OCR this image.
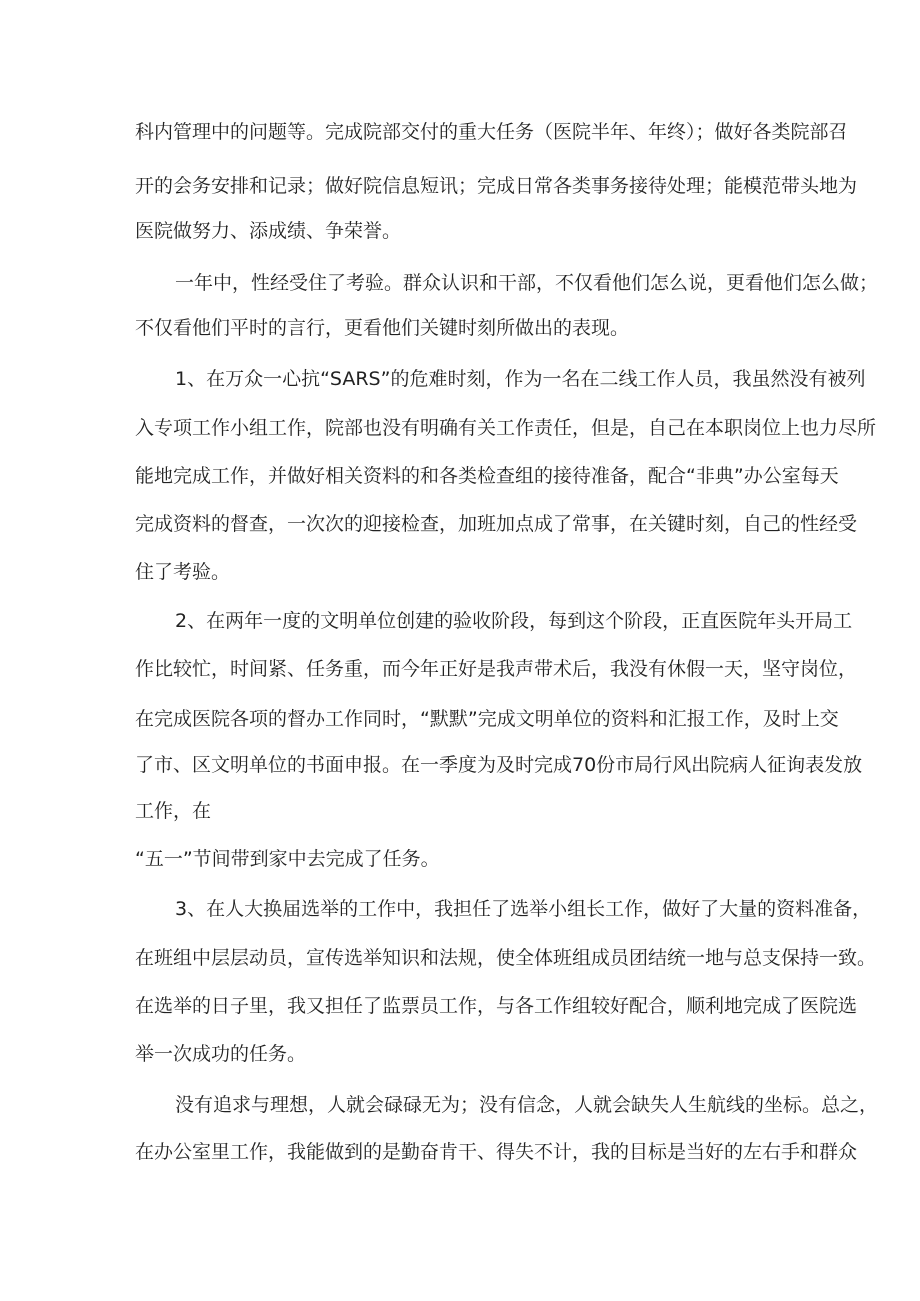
科内管理中的问题等。完成院部交付的重大任务（医院半年、年终）；做好各类院部召

开的会务安排和记录；做好院信息短讯；完成日常各类事务接待处理；能模范带头地为

医院做努力、添成绩、争荣誉。

一年中，性经受住了考验。群众认识和干部，不仅看他们怎么说，更看他们怎么做；

不仅看他们平时的言行，更看他们关键时刻所做出的表现。

1、在万众一心抗“SARS”的危难时刻，作为一名在二线工作人员，我虽然没有被列

入专项工作小组工作，院部也没有明确有关工作责任，但是，自己在本职岗位上也力尽所

能地完成工作，并做好相关资料的和各类检查组的接待准备，配合“非典”办公室每天

完成资料的督查，一次次的迎接检查，加班加点成了常事，在关键时刻，自己的性经受

住了考验。

2、在两年一度的文明单位创建的验收阶段，每到这个阶段，正直医院年头开局工

作比较忙，时间紧、任务重，而今年正好是我声带术后，我没有休假一天，坚守岗位，

在完成医院各项的督办工作同时，“默默”完成文明单位的资料和汇报工作，及时上交

了市、区文明单位的书面申报。在一季度为及时完成70份市局行风出院病人征询表发放

工作，在

“五一”节间带到家中去完成了任务。

3、在人大换届选举的工作中，我担任了选举小组长工作，做好了大量的资料准备，

在班组中层层动员，宣传选举知识和法规，使全体班组成员团结统一地与总支保持一致。

在选举的日子里，我又担任了监票员工作，与各工作组较好配合，顺利地完成了医院选

举一次成功的任务。

没有追求与理想，人就会碌碌无为；没有信念，人就会缺失人生航线的坐标。总之，

在办公室里工作，我能做到的是勤奋肯干、得失不计，我的目标是当好的左右手和群众
